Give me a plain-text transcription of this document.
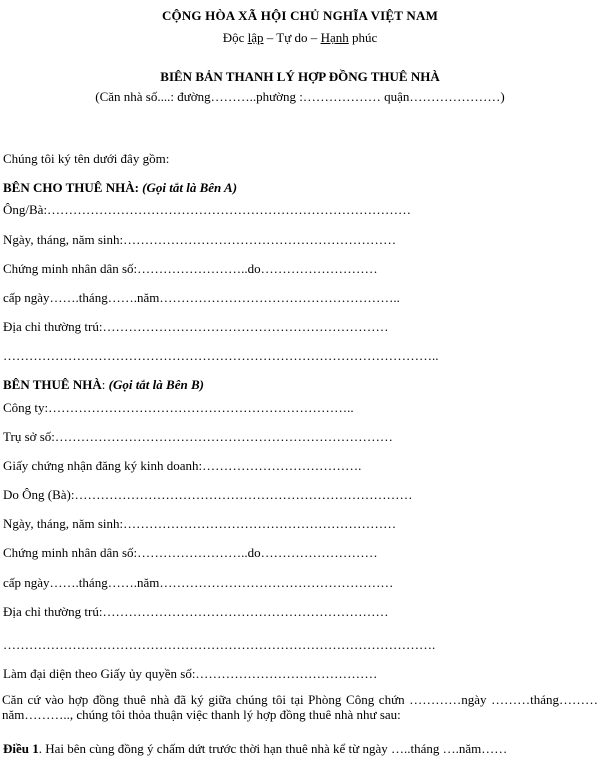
CỘNG HÒA XÃ HỘI CHỦ NGHĨA VIỆT NAM
Độc lập – Tự do – Hạnh phúc
BIÊN BẢN THANH LÝ HỢP ĐỒNG THUÊ NHÀ
(Căn nhà số....: đường………..phường :……………… quận…………………)
Chúng tôi ký tên dưới đây gồm:
BÊN CHO THUÊ NHÀ: (Gọi tắt là Bên A)
Ông/Bà:…………………………………………………………………………
Ngày, tháng, năm sinh:………………………………………………………
Chứng minh nhân dân số:……………………..do………………………
cấp ngày…….tháng…….năm………………………………………………..
Địa chỉ thường trú:…………………………………………………………
………………………………………………………………………………………..
BÊN THUÊ NHÀ: (Gọi tắt là Bên B)
Công ty:……………………………………………………………..
Trụ sở số:……………………………………………………………………
Giấy chứng nhận đăng ký kinh doanh:……………………………….
Do Ông (Bà):……………………………………………………………………
Ngày, tháng, năm sinh:………………………………………………………
Chứng minh nhân dân số:……………………..do………………………
cấp ngày…….tháng…….năm………………………………………………
Địa chỉ thường trú:…………………………………………………………
……………………………………………………………………………………….
Làm đại diện theo Giấy ủy quyền số:……………………………………
Căn cứ vào hợp đồng thuê nhà đã ký giữa chúng tôi tại Phòng Công chứn …………ngày ………tháng………năm……….., chúng tôi thỏa thuận việc thanh lý hợp đồng thuê nhà như sau:
Điều 1. Hai bên cùng đồng ý chấm dứt trước thời hạn thuê nhà kể từ ngày …..tháng ….năm……
